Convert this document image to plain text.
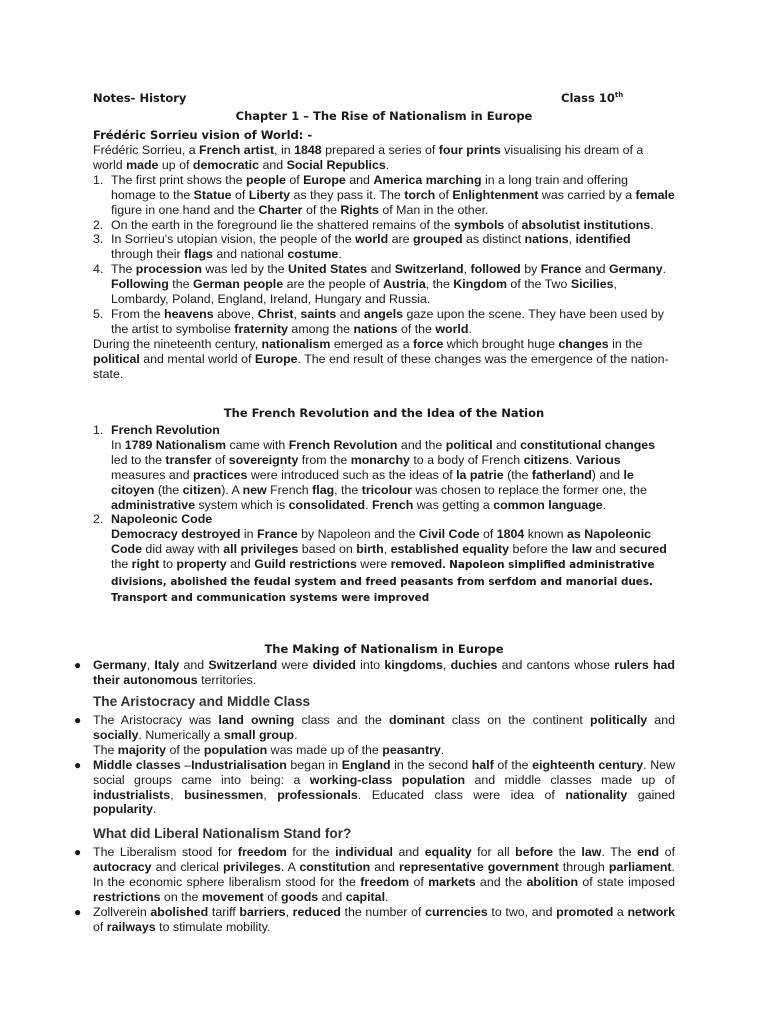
Notes- History	Class 10th
Chapter 1 – The Rise of Nationalism in Europe
Frédéric Sorrieu vision of World: -

Frédéric Sorrieu, a French artist, in 1848 prepared a series of four prints visualising his dream of a world made up of democratic and Social Republics.

1. The first print shows the people of Europe and America marching in a long train and offering homage to the Statue of Liberty as they pass it. The torch of Enlightenment was carried by a female figure in one hand and the Charter of the Rights of Man in the other.
2. On the earth in the foreground lie the shattered remains of the symbols of absolutist institutions.
3. In Sorrieu's utopian vision, the people of the world are grouped as distinct nations, identified through their flags and national costume.
4. The procession was led by the United States and Switzerland, followed by France and Germany. Following the German people are the people of Austria, the Kingdom of the Two Sicilies, Lombardy, Poland, England, Ireland, Hungary and Russia.
5. From the heavens above, Christ, saints and angels gaze upon the scene. They have been used by the artist to symbolise fraternity among the nations of the world.

During the nineteenth century, nationalism emerged as a force which brought huge changes in the political and mental world of Europe. The end result of these changes was the emergence of the nation-state.

The French Revolution and the Idea of the Nation
1. French Revolution
In 1789 Nationalism came with French Revolution and the political and constitutional changes led to the transfer of sovereignty from the monarchy to a body of French citizens. Various measures and practices were introduced such as the ideas of la patrie (the fatherland) and le citoyen (the citizen). A new French flag, the tricolour was chosen to replace the former one, the administrative system which is consolidated. French was getting a common language.
2. Napoleonic Code
Democracy destroyed in France by Napoleon and the Civil Code of 1804 known as Napoleonic Code did away with all privileges based on birth, established equality before the law and secured the right to property and Guild restrictions were removed. Napoleon simplified administrative divisions, abolished the feudal system and freed peasants from serfdom and manorial dues. Transport and communication systems were improved
The Making of Nationalism in Europe
● Germany, Italy and Switzerland were divided into kingdoms, duchies and cantons whose rulers had their autonomous territories.
The Aristocracy and Middle Class
● The Aristocracy was land owning class and the dominant class on the continent politically and socially. Numerically a small group.
The majority of the population was made up of the peasantry.
● Middle classes –Industrialisation began in England in the second half of the eighteenth century. New social groups came into being: a working-class population and middle classes made up of industrialists, businessmen, professionals. Educated class were idea of nationality gained popularity.
What did Liberal Nationalism Stand for?
● The Liberalism stood for freedom for the individual and equality for all before the law. The end of autocracy and clerical privileges. A constitution and representative government through parliament. In the economic sphere liberalism stood for the freedom of markets and the abolition of state imposed restrictions on the movement of goods and capital.
● Zollverein abolished tariff barriers, reduced the number of currencies to two, and promoted a network of railways to stimulate mobility.
